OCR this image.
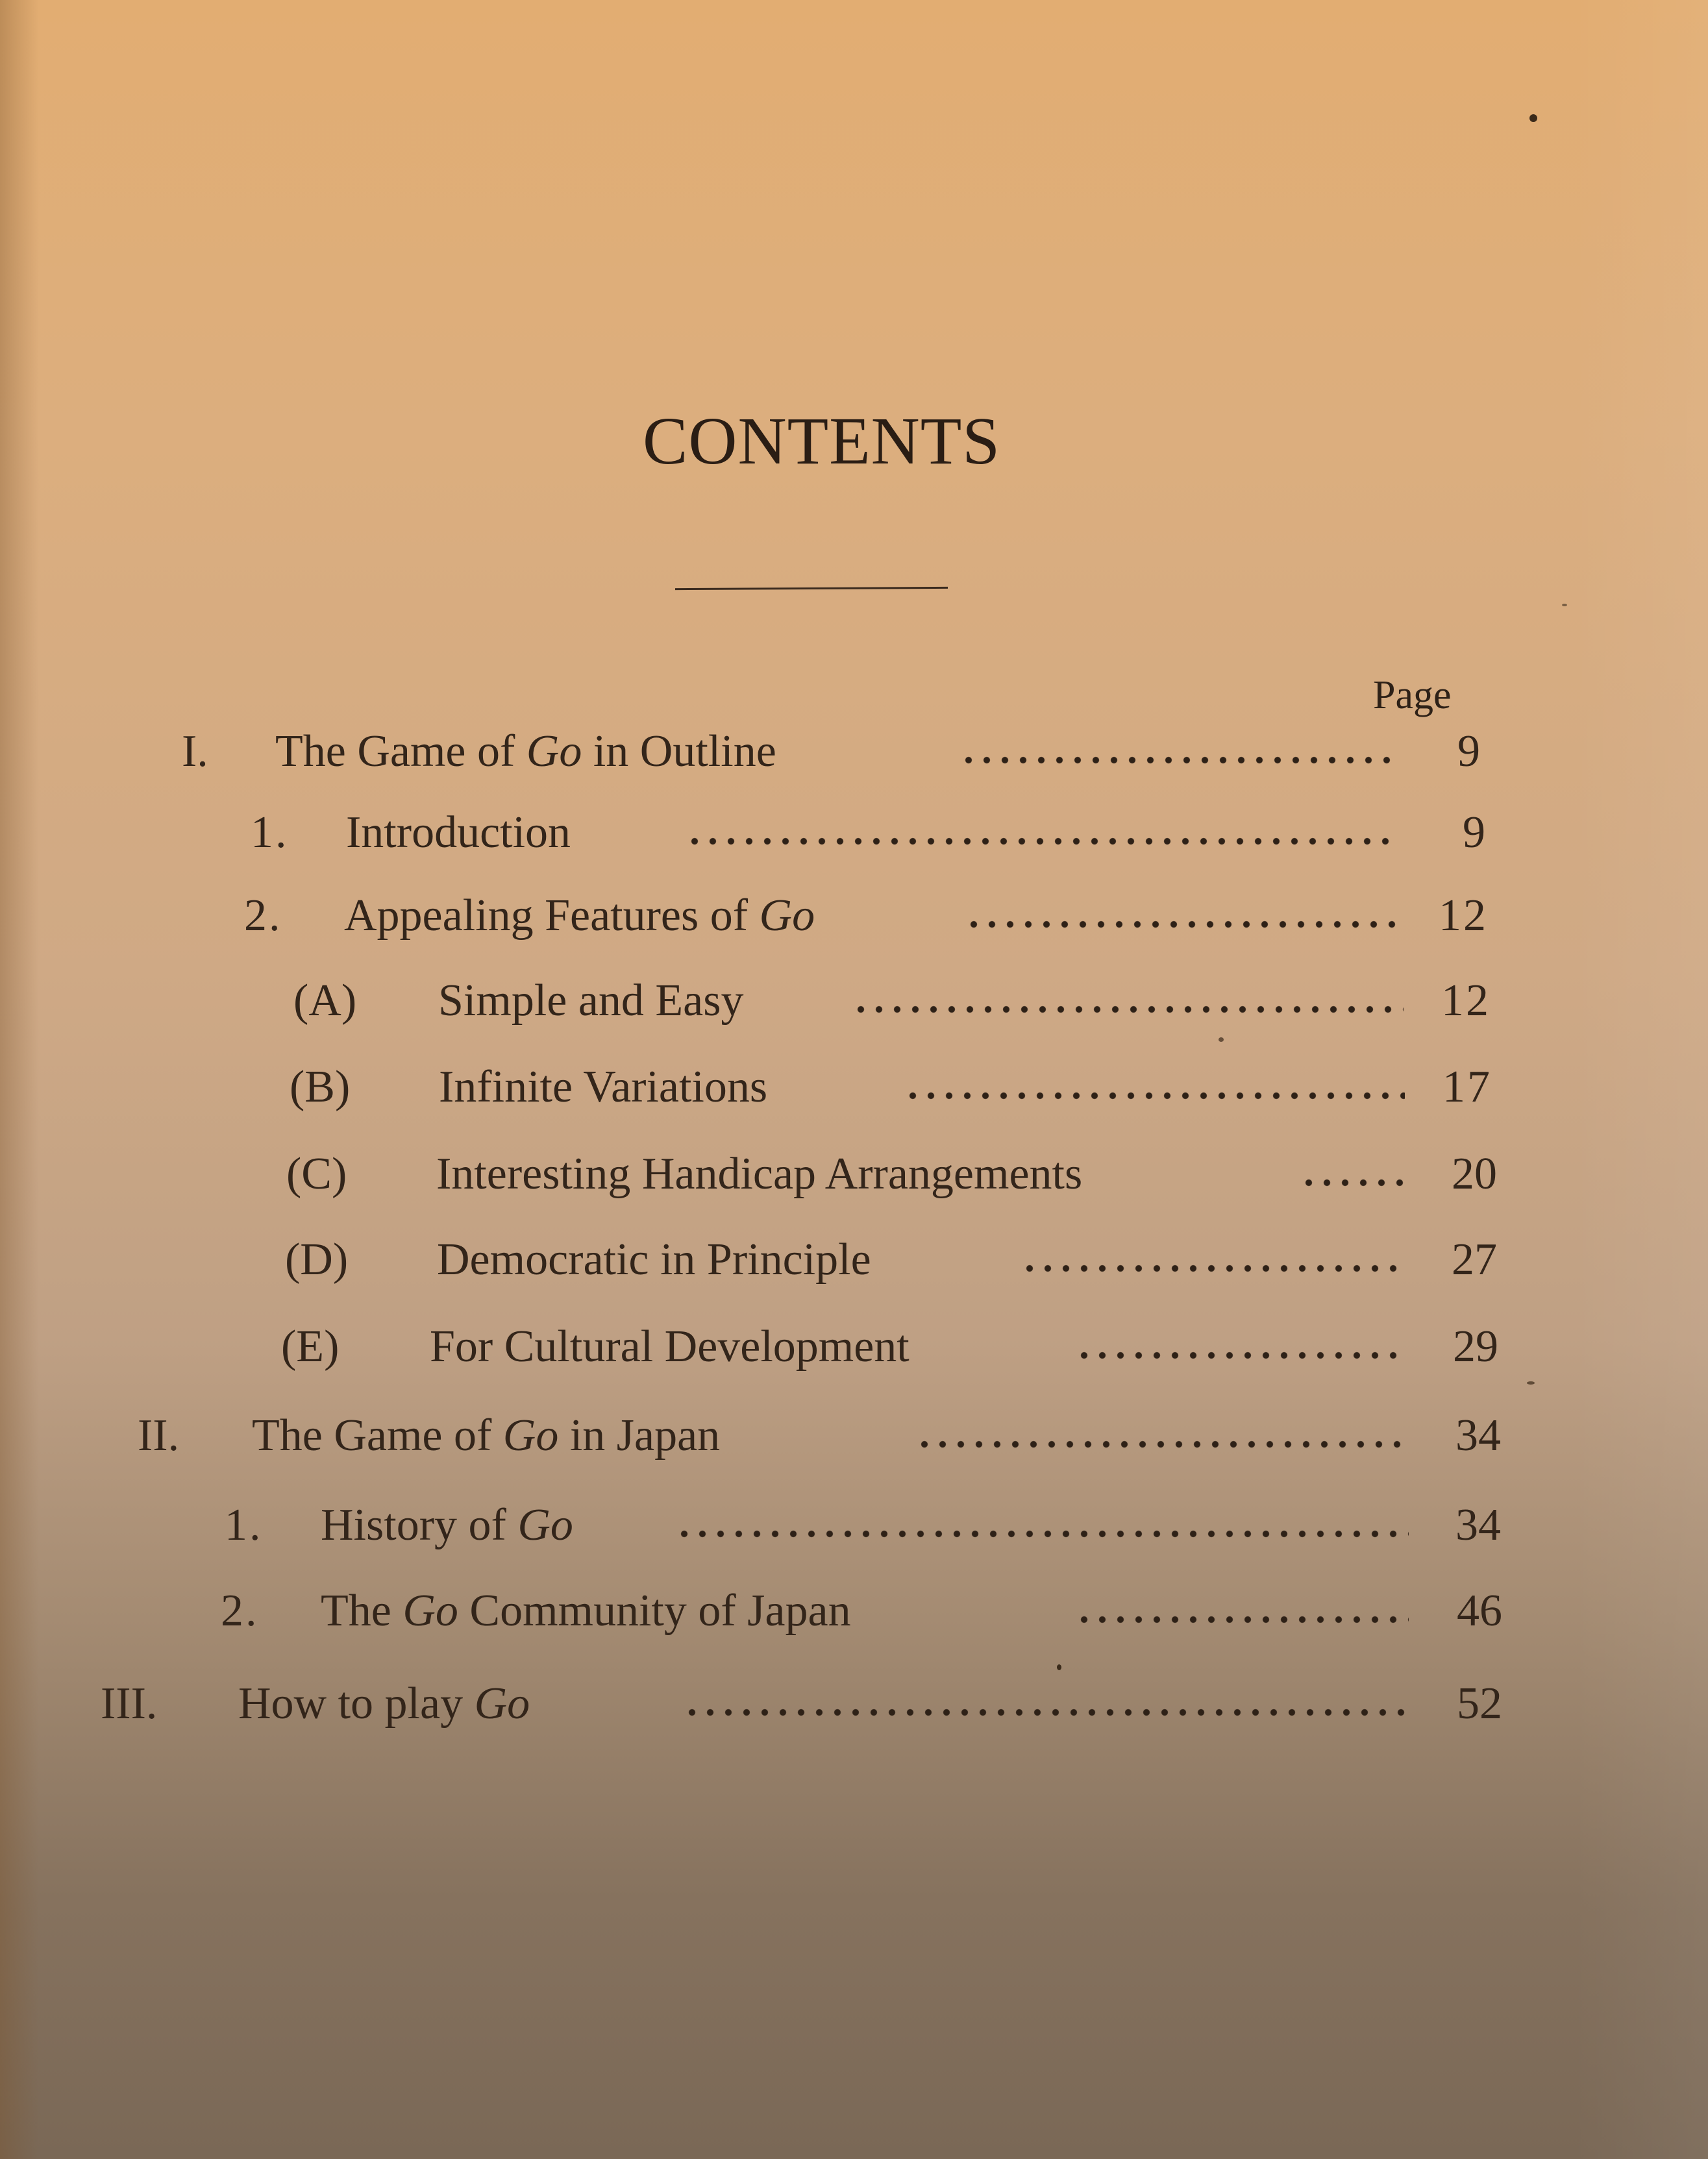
CONTENTS
Page
I. The Game of Go in Outline	9
1. Introduction	9
2. Appealing Features of Go	12
(A) Simple and Easy	12
(B) Infinite Variations	17
(C) Interesting Handicap Arrangements	20
(D) Democratic in Principle	27
(E) For Cultural Development	29
II. The Game of Go in Japan	34
1. History of Go	34
2. The Go Community of Japan	46
III. How to play Go	52
